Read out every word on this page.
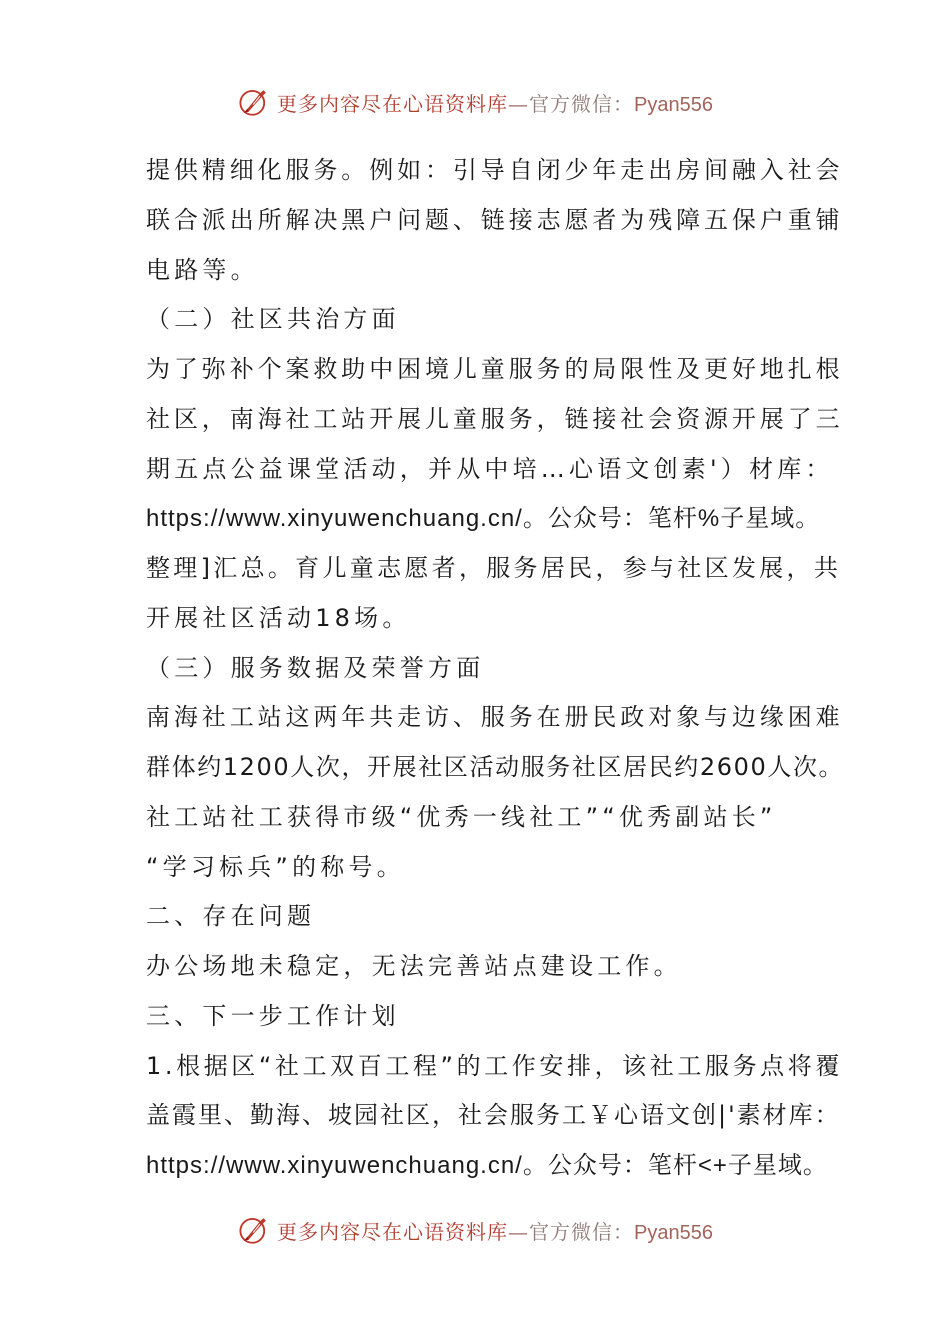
更多内容尽在心语资料库—官方微信：Pyan556
提供精细化服务。例如：引导自闭少年走出房间融入社会
联合派出所解决黑户问题、链接志愿者为残障五保户重铺
电路等。
（二）社区共治方面
为了弥补个案救助中困境儿童服务的局限性及更好地扎根
社区，南海社工站开展儿童服务，链接社会资源开展了三
期五点公益课堂活动，并从中培…心语文创素'）材库：
https://www.xinyuwenchuang.cn/。公众号：笔杆%子星域。
整理]汇总。育儿童志愿者，服务居民，参与社区发展，共
开展社区活动18场。
（三）服务数据及荣誉方面
南海社工站这两年共走访、服务在册民政对象与边缘困难
群体约1200人次，开展社区活动服务社区居民约2600人次。
社工站社工获得市级“优秀一线社工”“优秀副站长”
“学习标兵”的称号。
二、存在问题
办公场地未稳定，无法完善站点建设工作。
三、下一步工作计划
1.根据区“社工双百工程”的工作安排，该社工服务点将覆
盖霞里、勤海、坡园社区，社会服务工￥心语文创|'素材库：
https://www.xinyuwenchuang.cn/。公众号：笔杆<+子星域。
更多内容尽在心语资料库—官方微信：Pyan556
